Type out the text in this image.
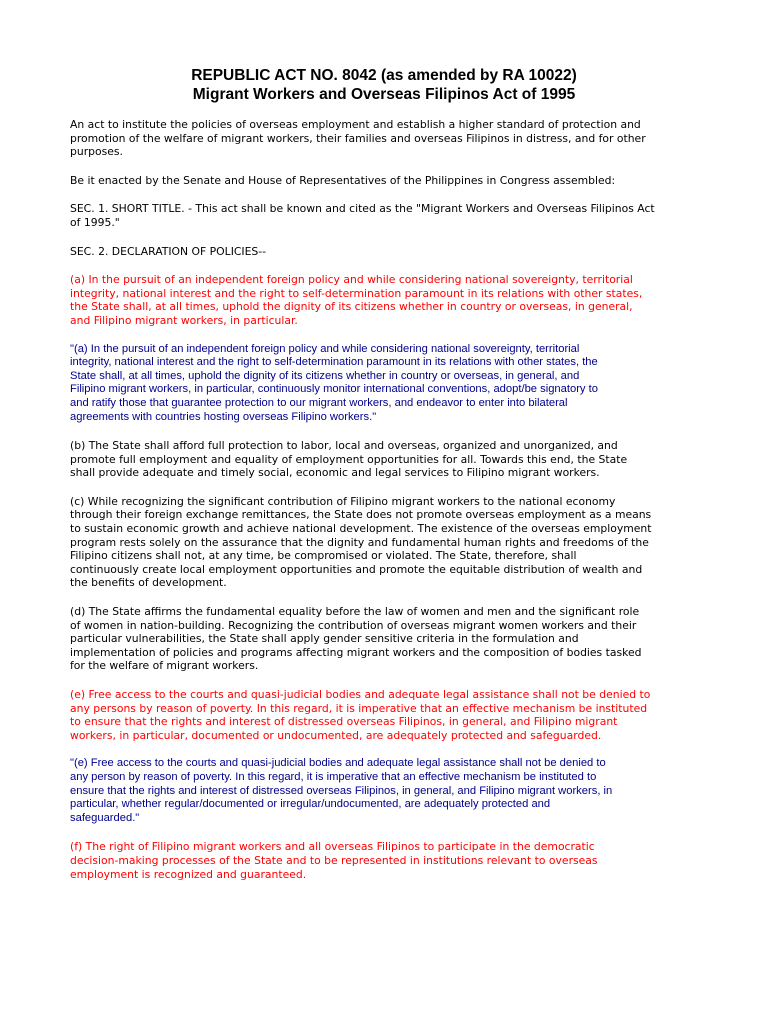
REPUBLIC ACT NO. 8042 (as amended by RA 10022)
Migrant Workers and Overseas Filipinos Act of 1995

An act to institute the policies of overseas employment and establish a higher standard of protection and
promotion of the welfare of migrant workers, their families and overseas Filipinos in distress, and for other
purposes.

Be it enacted by the Senate and House of Representatives of the Philippines in Congress assembled:

SEC. 1. SHORT TITLE. - This act shall be known and cited as the "Migrant Workers and Overseas Filipinos Act
of 1995."

SEC. 2. DECLARATION OF POLICIES--

(a) In the pursuit of an independent foreign policy and while considering national sovereignty, territorial
integrity, national interest and the right to self-determination paramount in its relations with other states,
the State shall, at all times, uphold the dignity of its citizens whether in country or overseas, in general,
and Filipino migrant workers, in particular.

"(a) In the pursuit of an independent foreign policy and while considering national sovereignty, territorial
integrity, national interest and the right to self-determination paramount in its relations with other states, the
State shall, at all times, uphold the dignity of its citizens whether in country or overseas, in general, and
Filipino migrant workers, in particular, continuously monitor international conventions, adopt/be signatory to
and ratify those that guarantee protection to our migrant workers, and endeavor to enter into bilateral
agreements with countries hosting overseas Filipino workers."

(b) The State shall afford full protection to labor, local and overseas, organized and unorganized, and
promote full employment and equality of employment opportunities for all. Towards this end, the State
shall provide adequate and timely social, economic and legal services to Filipino migrant workers.

(c) While recognizing the significant contribution of Filipino migrant workers to the national economy
through their foreign exchange remittances, the State does not promote overseas employment as a means
to sustain economic growth and achieve national development. The existence of the overseas employment
program rests solely on the assurance that the dignity and fundamental human rights and freedoms of the
Filipino citizens shall not, at any time, be compromised or violated. The State, therefore, shall
continuously create local employment opportunities and promote the equitable distribution of wealth and
the benefits of development.

(d) The State affirms the fundamental equality before the law of women and men and the significant role
of women in nation-building. Recognizing the contribution of overseas migrant women workers and their
particular vulnerabilities, the State shall apply gender sensitive criteria in the formulation and
implementation of policies and programs affecting migrant workers and the composition of bodies tasked
for the welfare of migrant workers.

(e) Free access to the courts and quasi-judicial bodies and adequate legal assistance shall not be denied to
any persons by reason of poverty. In this regard, it is imperative that an effective mechanism be instituted
to ensure that the rights and interest of distressed overseas Filipinos, in general, and Filipino migrant
workers, in particular, documented or undocumented, are adequately protected and safeguarded.

"(e) Free access to the courts and quasi-judicial bodies and adequate legal assistance shall not be denied to
any person by reason of poverty. In this regard, it is imperative that an effective mechanism be instituted to
ensure that the rights and interest of distressed overseas Filipinos, in general, and Filipino migrant workers, in
particular, whether regular/documented or irregular/undocumented, are adequately protected and
safeguarded."

(f) The right of Filipino migrant workers and all overseas Filipinos to participate in the democratic
decision-making processes of the State and to be represented in institutions relevant to overseas
employment is recognized and guaranteed.
